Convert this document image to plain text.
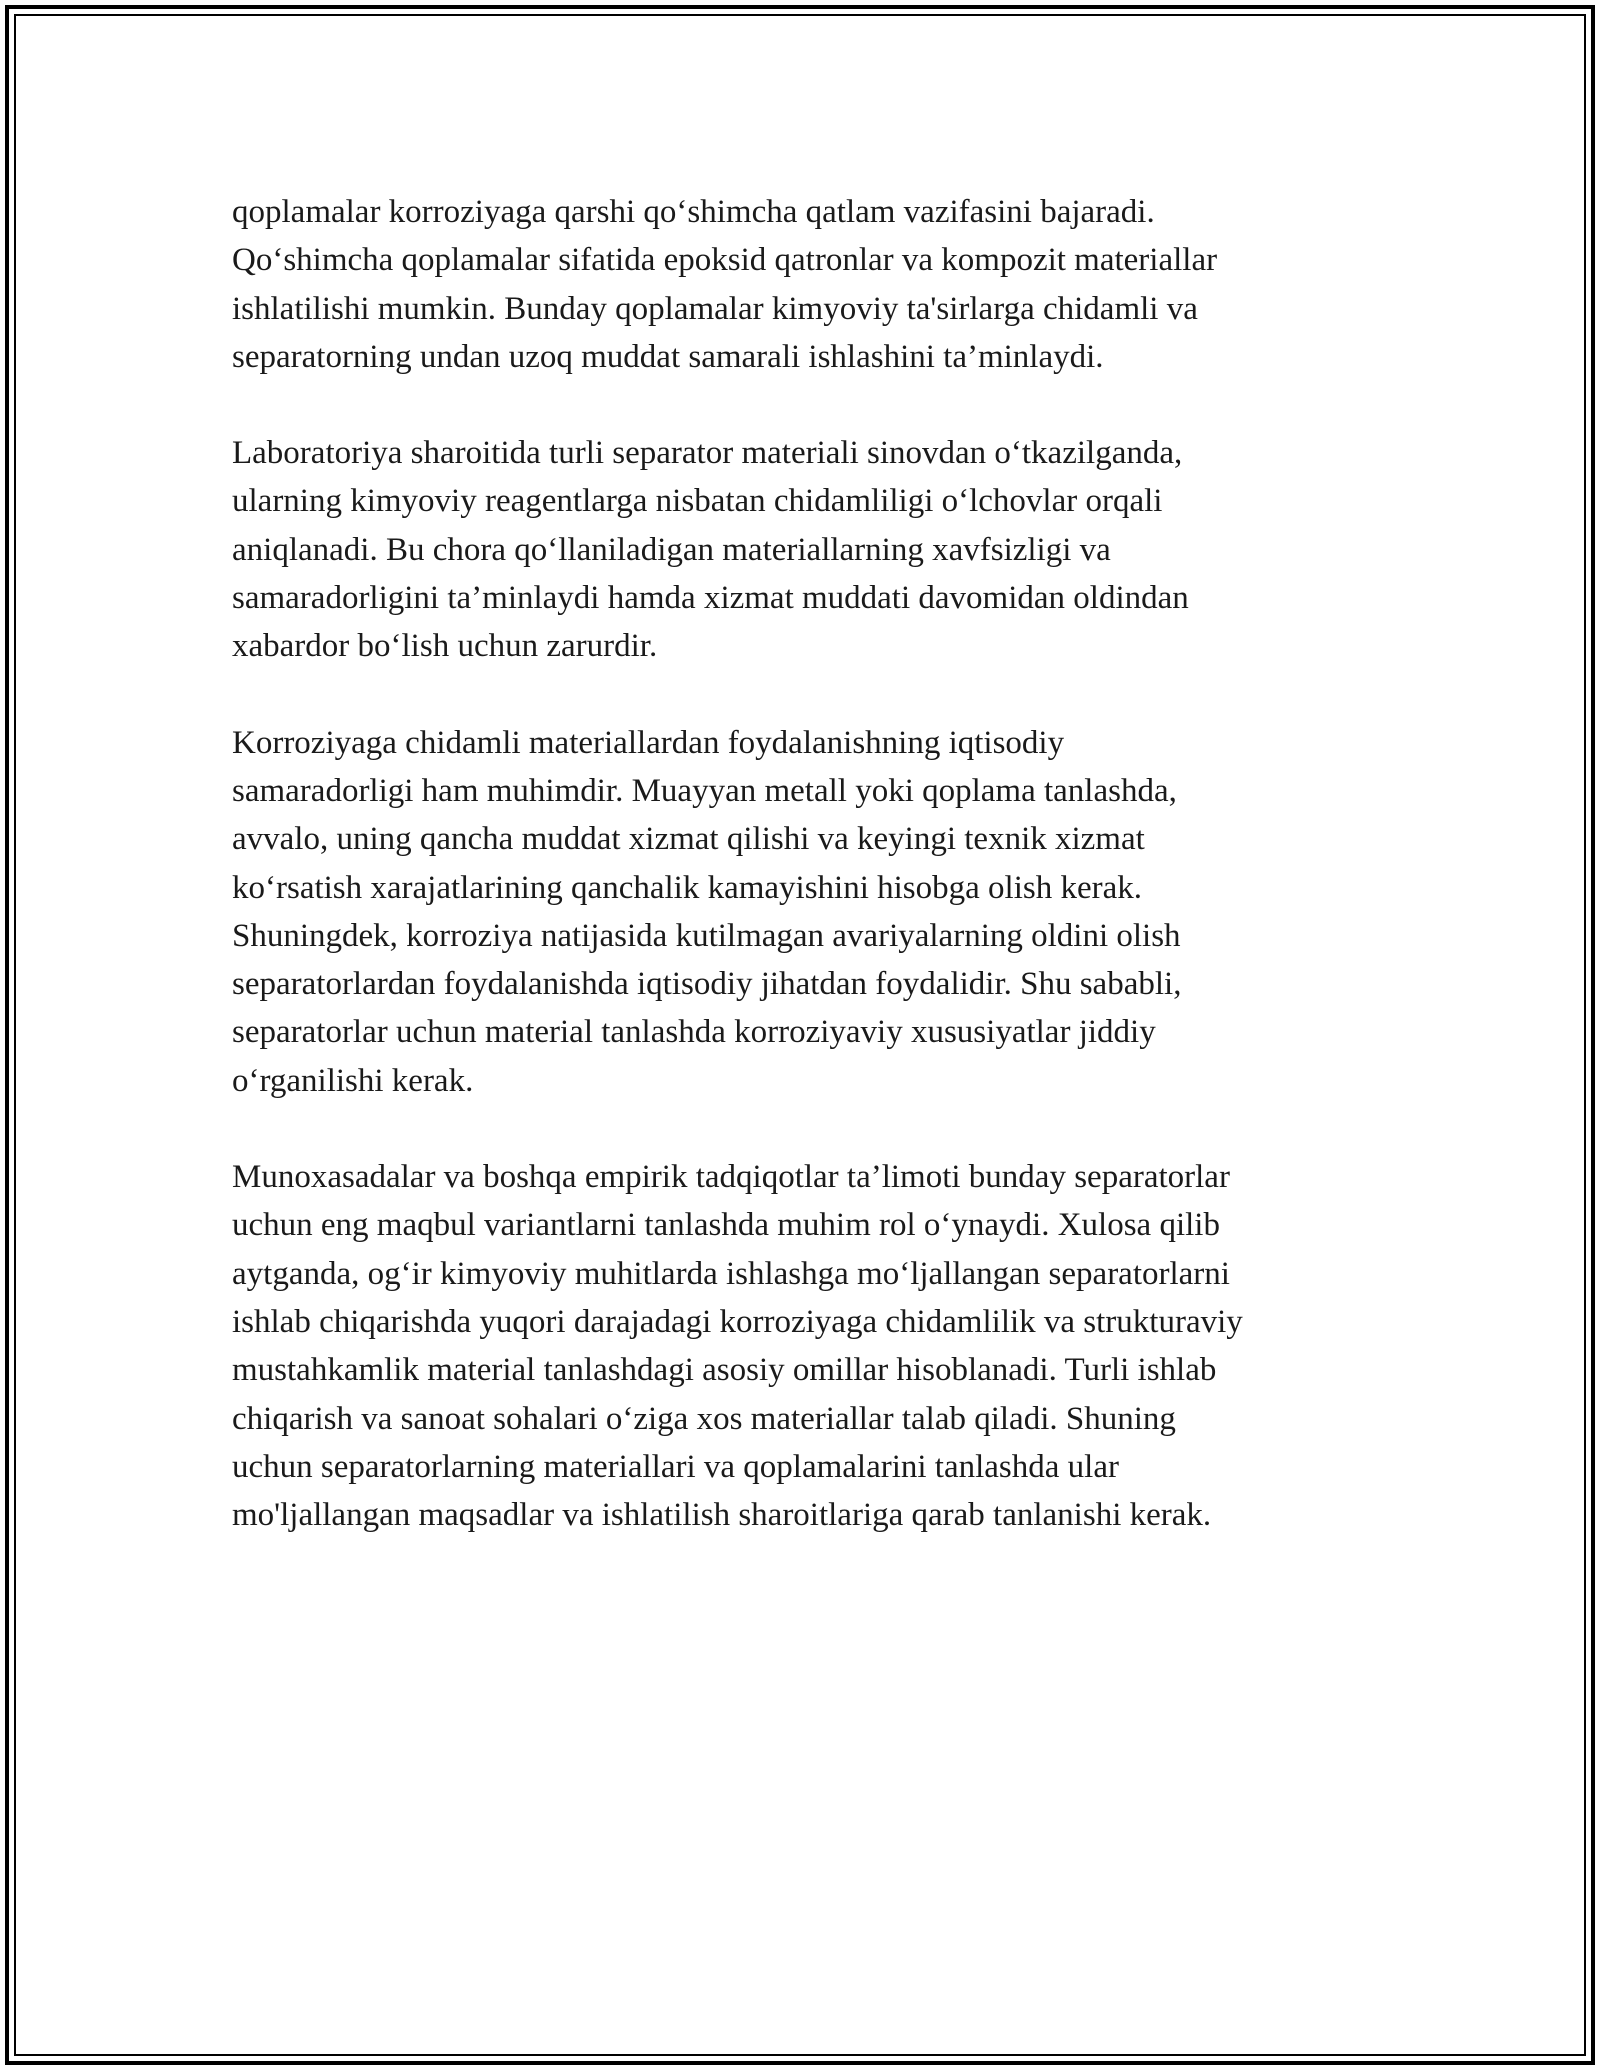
qoplamalar korroziyaga qarshi qo‘shimcha qatlam vazifasini bajaradi.
Qo‘shimcha qoplamalar sifatida epoksid qatronlar va kompozit materiallar
ishlatilishi mumkin. Bunday qoplamalar kimyoviy ta'sirlarga chidamli va
separatorning undan uzoq muddat samarali ishlashini ta’minlaydi.

Laboratoriya sharoitida turli separator materiali sinovdan o‘tkazilganda,
ularning kimyoviy reagentlarga nisbatan chidamliligi o‘lchovlar orqali
aniqlanadi. Bu chora qo‘llaniladigan materiallarning xavfsizligi va
samaradorligini ta’minlaydi hamda xizmat muddati davomidan oldindan
xabardor bo‘lish uchun zarurdir.

Korroziyaga chidamli materiallardan foydalanishning iqtisodiy
samaradorligi ham muhimdir. Muayyan metall yoki qoplama tanlashda,
avvalo, uning qancha muddat xizmat qilishi va keyingi texnik xizmat
ko‘rsatish xarajatlarining qanchalik kamayishini hisobga olish kerak.
Shuningdek, korroziya natijasida kutilmagan avariyalarning oldini olish
separatorlardan foydalanishda iqtisodiy jihatdan foydalidir. Shu sababli,
separatorlar uchun material tanlashda korroziyaviy xususiyatlar jiddiy
o‘rganilishi kerak.

Munoxasadalar va boshqa empirik tadqiqotlar ta’limoti bunday separatorlar
uchun eng maqbul variantlarni tanlashda muhim rol o‘ynaydi. Xulosa qilib
aytganda, og‘ir kimyoviy muhitlarda ishlashga mo‘ljallangan separatorlarni
ishlab chiqarishda yuqori darajadagi korroziyaga chidamlilik va strukturaviy
mustahkamlik material tanlashdagi asosiy omillar hisoblanadi. Turli ishlab
chiqarish va sanoat sohalari o‘ziga xos materiallar talab qiladi. Shuning
uchun separatorlarning materiallari va qoplamalarini tanlashda ular
mo'ljallangan maqsadlar va ishlatilish sharoitlariga qarab tanlanishi kerak.
